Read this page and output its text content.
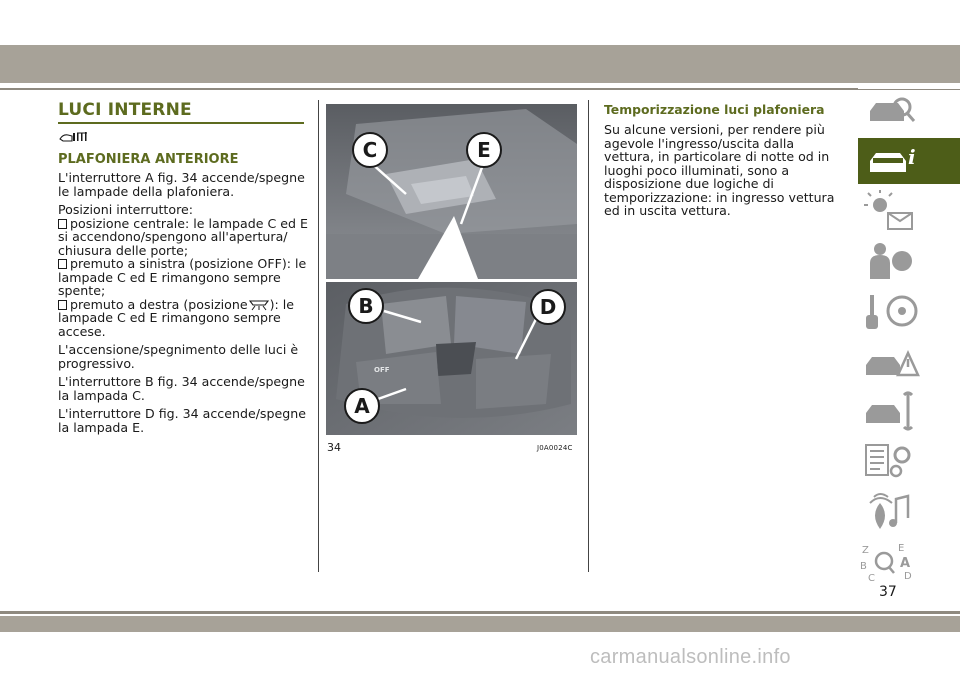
LUCI INTERNE
PLAFONIERA ANTERIORE

L'interruttore A fig. 34 accende/spegne le lampade della plafoniera.

Posizioni interruttore:

posizione centrale: le lampade C ed E si accendono/spengono all'apertura/ chiusura delle porte;

premuto a sinistra (posizione OFF): le lampade C ed E rimangono sempre spente;

premuto a destra (posizione ): le lampade C ed E rimangono sempre accese.

L'accensione/spegnimento delle luci è progressivo.

L'interruttore B fig. 34 accende/spegne la lampada C.

L'interruttore D fig. 34 accende/spegne la lampada E.

OFF
C	E
B	D
A
34	J0A0024C
Temporizzazione luci plafoniera

Su alcune versioni, per rendere più agevole l'ingresso/uscita dalla vettura, in particolare di notte od in luoghi poco illuminati, sono a disposizione due logiche di temporizzazione: in ingresso vettura ed in uscita vettura.

i
Z	E
B	A
C	D
37
carmanualsonline.info
